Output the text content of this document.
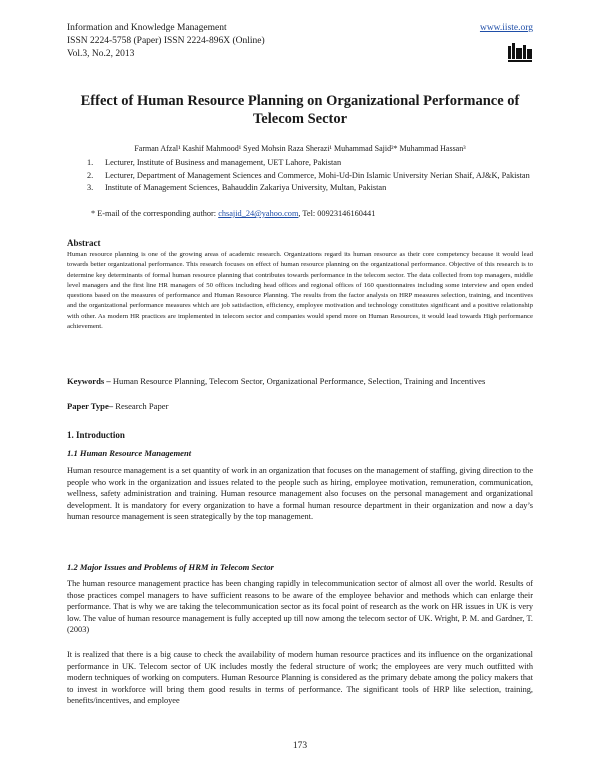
Information and Knowledge Management
ISSN 2224-5758 (Paper) ISSN 2224-896X (Online)
Vol.3, No.2, 2013
www.iiste.org
Effect of Human Resource Planning on Organizational Performance of Telecom Sector
Farman Afzal¹ Kashif Mahmood¹ Syed Mohsin Raza Sherazi¹ Muhammad Sajid²* Muhammad Hassan³
1.	Lecturer, Institute of Business and management, UET Lahore, Pakistan
2.	Lecturer, Department of Management Sciences and Commerce, Mohi-Ud-Din Islamic University Nerian Shaif, AJ&K, Pakistan
3.	Institute of Management Sciences, Bahauddin Zakariya University, Multan, Pakistan
* E-mail of the corresponding author: chsajid_24@yahoo.com, Tel: 00923146160441
Abstract

Human resource planning is one of the growing areas of academic research. Organizations regard its human resource as their core competency because it would lead towards better organizational performance. This research focuses on effect of human resource planning on the organizational performance. Objective of this research is to determine key determinants of formal human resource planning that contributes towards performance in the telecom sector. The data collected from top managers, middle level managers and the first line HR managers of 50 offices including head offices and regional offices of 160 questionnaires including some interview and open ended questions based on the measures of performance and Human Resource Planning. The results from the factor analysis on HRP measures selection, training, and incentives and the organizational performance measures which are job satisfaction, efficiency, employee motivation and technology constitutes significant and a positive relationship with other. As modern HR practices are implemented in telecom sector and companies would spend more on Human Resources, it would lead towards High performance achievement.

Keywords – Human Resource Planning, Telecom Sector, Organizational Performance, Selection, Training and Incentives
Paper Type– Research Paper
1. Introduction
1.1 Human Resource Management

Human resource management is a set quantity of work in an organization that focuses on the management of staffing, giving direction to the people who work in the organization and issues related to the people such as hiring, employee motivation, remuneration, communication, wellness, safety administration and training. Human resource management also focuses on the personal management and organizational development. It is mandatory for every organization to have a formal human resource department in their organization and now a day’s human resource management is seen strategically by the top management.

1.2 Major Issues and Problems of HRM in Telecom Sector

The human resource management practice has been changing rapidly in telecommunication sector of almost all over the world. Results of those practices compel managers to have sufficient reasons to be aware of the employee behavior and methods which can enlarge their performance. That is why we are taking the telecommunication sector as its focal point of research as the work on HR issues in UK is very low. The value of human resource management is fully accepted up till now among the telecom sector of UK. Wright, P. M. and Gardner, T. (2003)

It is realized that there is a big cause to check the availability of modern human resource practices and its influence on the organizational performance in UK. Telecom sector of UK includes mostly the federal structure of work; the employees are very much outfitted with modern techniques of working on computers. Human Resource Planning is considered as the primary debate among the policy makers that to invest in workforce will bring them good results in terms of performance. The significant tools of HRP like selection, training, benefits/incentives, and employee

173
